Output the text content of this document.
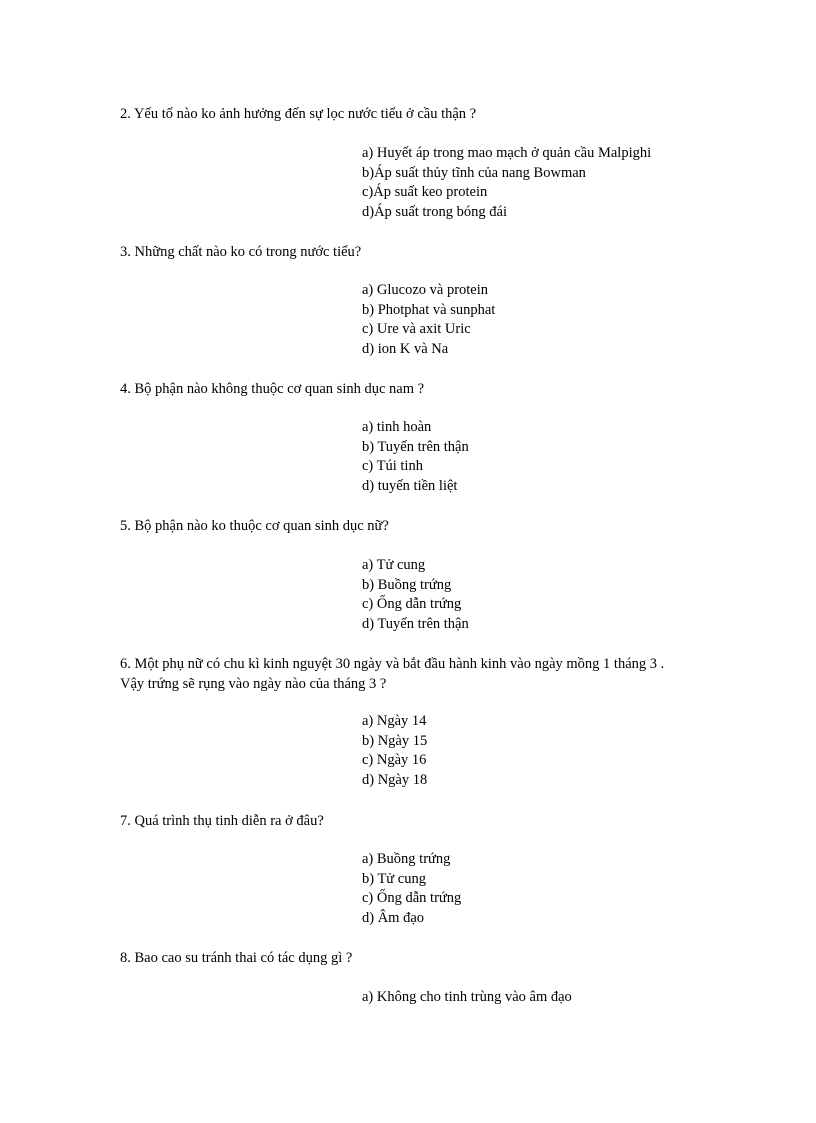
2. Yếu tố nào ko ảnh hưởng đến sự lọc nước tiểu ở cầu thận ?
a) Huyết áp trong mao mạch ở quản cầu Malpighi
b)Áp suất thủy tĩnh của nang Bowman
c)Áp suất keo protein
d)Áp suất trong bóng đái
3. Những chất nào ko có trong nước tiểu?
a) Glucozo và protein
b) Photphat và sunphat
c) Ure và axit Uric
d) ion K và Na
4. Bộ phận nào không thuộc cơ quan sinh dục nam ?
a) tinh hoàn
b) Tuyến trên thận
c) Túi tinh
d) tuyến tiền liệt
5. Bộ phận nào ko thuộc cơ quan sinh dục nữ?
a) Tử cung
b) Buồng trứng
c) Ống dẫn trứng
d) Tuyến trên thận
6. Một phụ nữ có chu kì kinh nguyệt 30 ngày và bắt đầu hành kinh vào ngày mồng 1 tháng 3 . Vậy trứng sẽ rụng vào ngày nào của tháng 3 ?
a) Ngày 14
b) Ngày 15
c) Ngày 16
d) Ngày 18
7. Quá trình thụ tinh diễn ra ở đâu?
a) Buồng trứng
b) Tử cung
c) Ống dẫn trứng
d) Âm đạo
8. Bao cao su tránh thai có tác dụng gì ?
a) Không cho tinh trùng vào âm đạo
